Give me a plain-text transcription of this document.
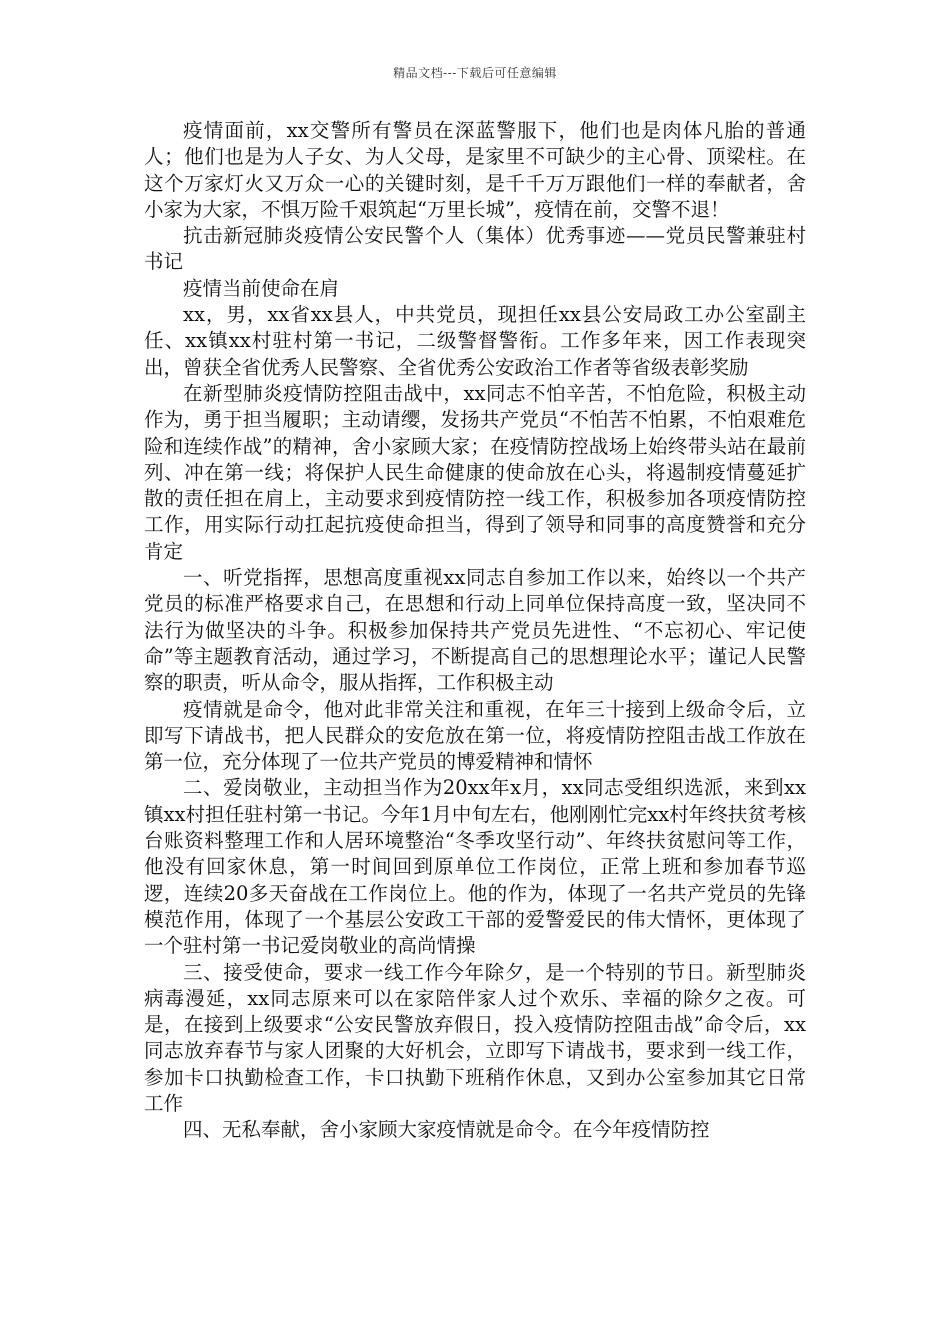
精品文档---下载后可任意编辑

疫情面前，xx交警所有警员在深蓝警服下，他们也是肉体凡胎的普通人；他们也是为人子女、为人父母，是家里不可缺少的主心骨、顶梁柱。在这个万家灯火又万众一心的关键时刻，是千千万万跟他们一样的奉献者，舍小家为大家，不惧万险千艰筑起“万里长城”，疫情在前，交警不退！

抗击新冠肺炎疫情公安民警个人（集体）优秀事迹——党员民警兼驻村书记

疫情当前使命在肩

xx，男，xx省xx县人，中共党员，现担任xx县公安局政工办公室副主任、xx镇xx村驻村第一书记，二级警督警衔。工作多年来，因工作表现突出，曾获全省优秀人民警察、全省优秀公安政治工作者等省级表彰奖励

在新型肺炎疫情防控阻击战中，xx同志不怕辛苦，不怕危险，积极主动作为，勇于担当履职；主动请缨，发扬共产党员“不怕苦不怕累，不怕艰难危险和连续作战”的精神，舍小家顾大家；在疫情防控战场上始终带头站在最前列、冲在第一线；将保护人民生命健康的使命放在心头，将遏制疫情蔓延扩散的责任担在肩上，主动要求到疫情防控一线工作，积极参加各项疫情防控工作，用实际行动扛起抗疫使命担当，得到了领导和同事的高度赞誉和充分肯定

一、听党指挥，思想高度重视xx同志自参加工作以来，始终以一个共产党员的标准严格要求自己，在思想和行动上同单位保持高度一致，坚决同不法行为做坚决的斗争。积极参加保持共产党员先进性、“不忘初心、牢记使命”等主题教育活动，通过学习，不断提高自己的思想理论水平；谨记人民警察的职责，听从命令，服从指挥，工作积极主动

疫情就是命令，他对此非常关注和重视，在年三十接到上级命令后，立即写下请战书，把人民群众的安危放在第一位，将疫情防控阻击战工作放在第一位，充分体现了一位共产党员的博爱精神和情怀

二、爱岗敬业，主动担当作为20xx年x月，xx同志受组织选派，来到xx镇xx村担任驻村第一书记。今年1月中旬左右，他刚刚忙完xx村年终扶贫考核台账资料整理工作和人居环境整治“冬季攻坚行动”、年终扶贫慰问等工作，他没有回家休息，第一时间回到原单位工作岗位，正常上班和参加春节巡逻，连续20多天奋战在工作岗位上。他的作为，体现了一名共产党员的先锋模范作用，体现了一个基层公安政工干部的爱警爱民的伟大情怀，更体现了一个驻村第一书记爱岗敬业的高尚情操

三、接受使命，要求一线工作今年除夕，是一个特别的节日。新型肺炎病毒漫延，xx同志原来可以在家陪伴家人过个欢乐、幸福的除夕之夜。可是，在接到上级要求“公安民警放弃假日，投入疫情防控阻击战”命令后，xx同志放弃春节与家人团聚的大好机会，立即写下请战书，要求到一线工作，参加卡口执勤检查工作，卡口执勤下班稍作休息，又到办公室参加其它日常工作

四、无私奉献，舍小家顾大家疫情就是命令。在今年疫情防控
